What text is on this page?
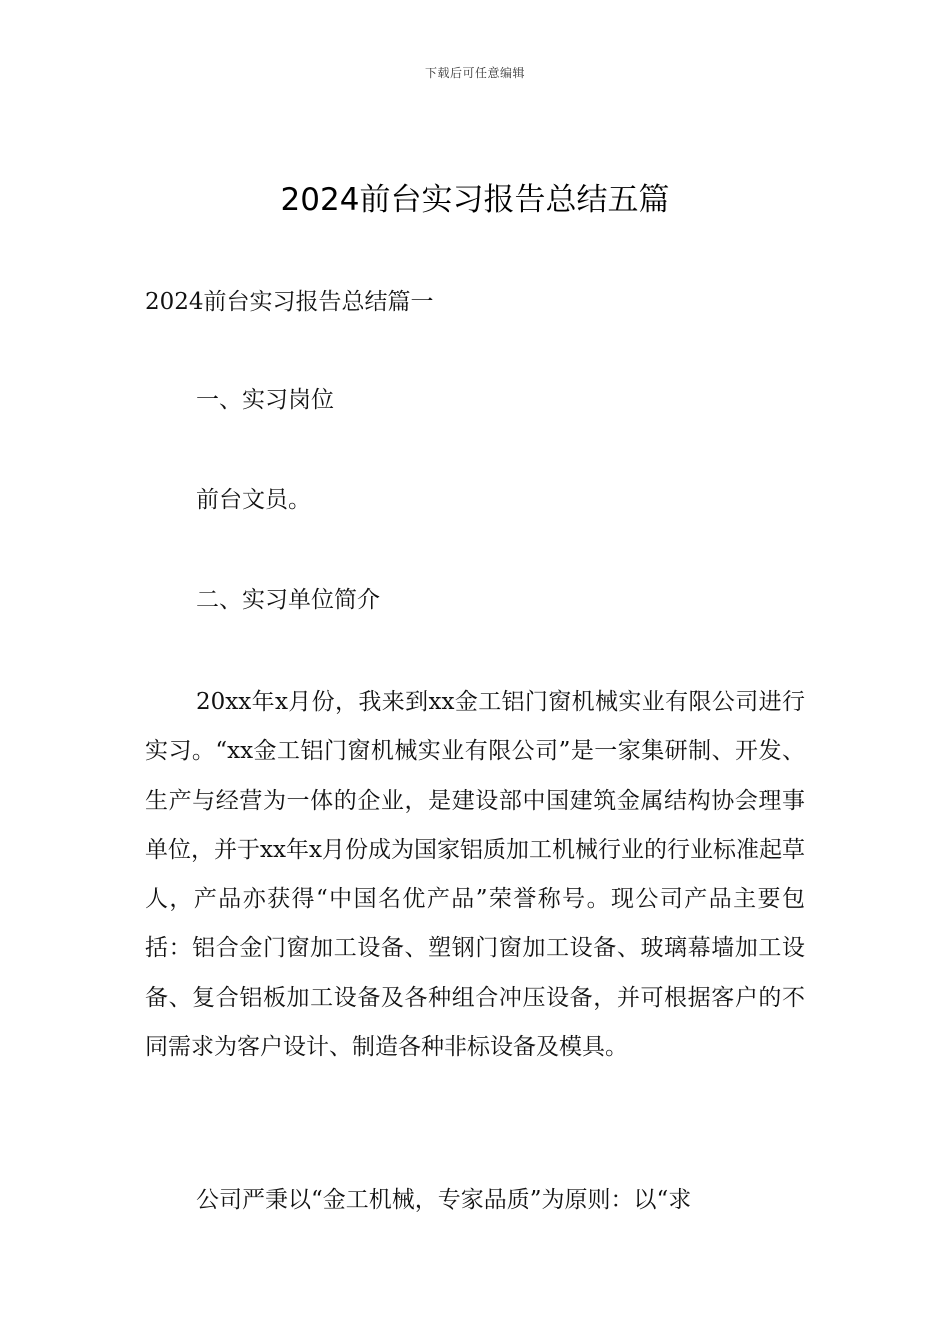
下载后可任意编辑
2024前台实习报告总结五篇
2024前台实习报告总结篇一

一、实习岗位

前台文员。

二、实习单位简介

20xx年x月份，我来到xx金工铝门窗机械实业有限公司进行实习。“xx金工铝门窗机械实业有限公司”是一家集研制、开发、生产与经营为一体的企业，是建设部中国建筑金属结构协会理事单位，并于xx年x月份成为国家铝质加工机械行业的行业标准起草人，产品亦获得“中国名优产品”荣誉称号。现公司产品主要包括：铝合金门窗加工设备、塑钢门窗加工设备、玻璃幕墙加工设备、复合铝板加工设备及各种组合冲压设备，并可根据客户的不同需求为客户设计、制造各种非标设备及模具。

公司严秉以“金工机械，专家品质”为原则：以“求
